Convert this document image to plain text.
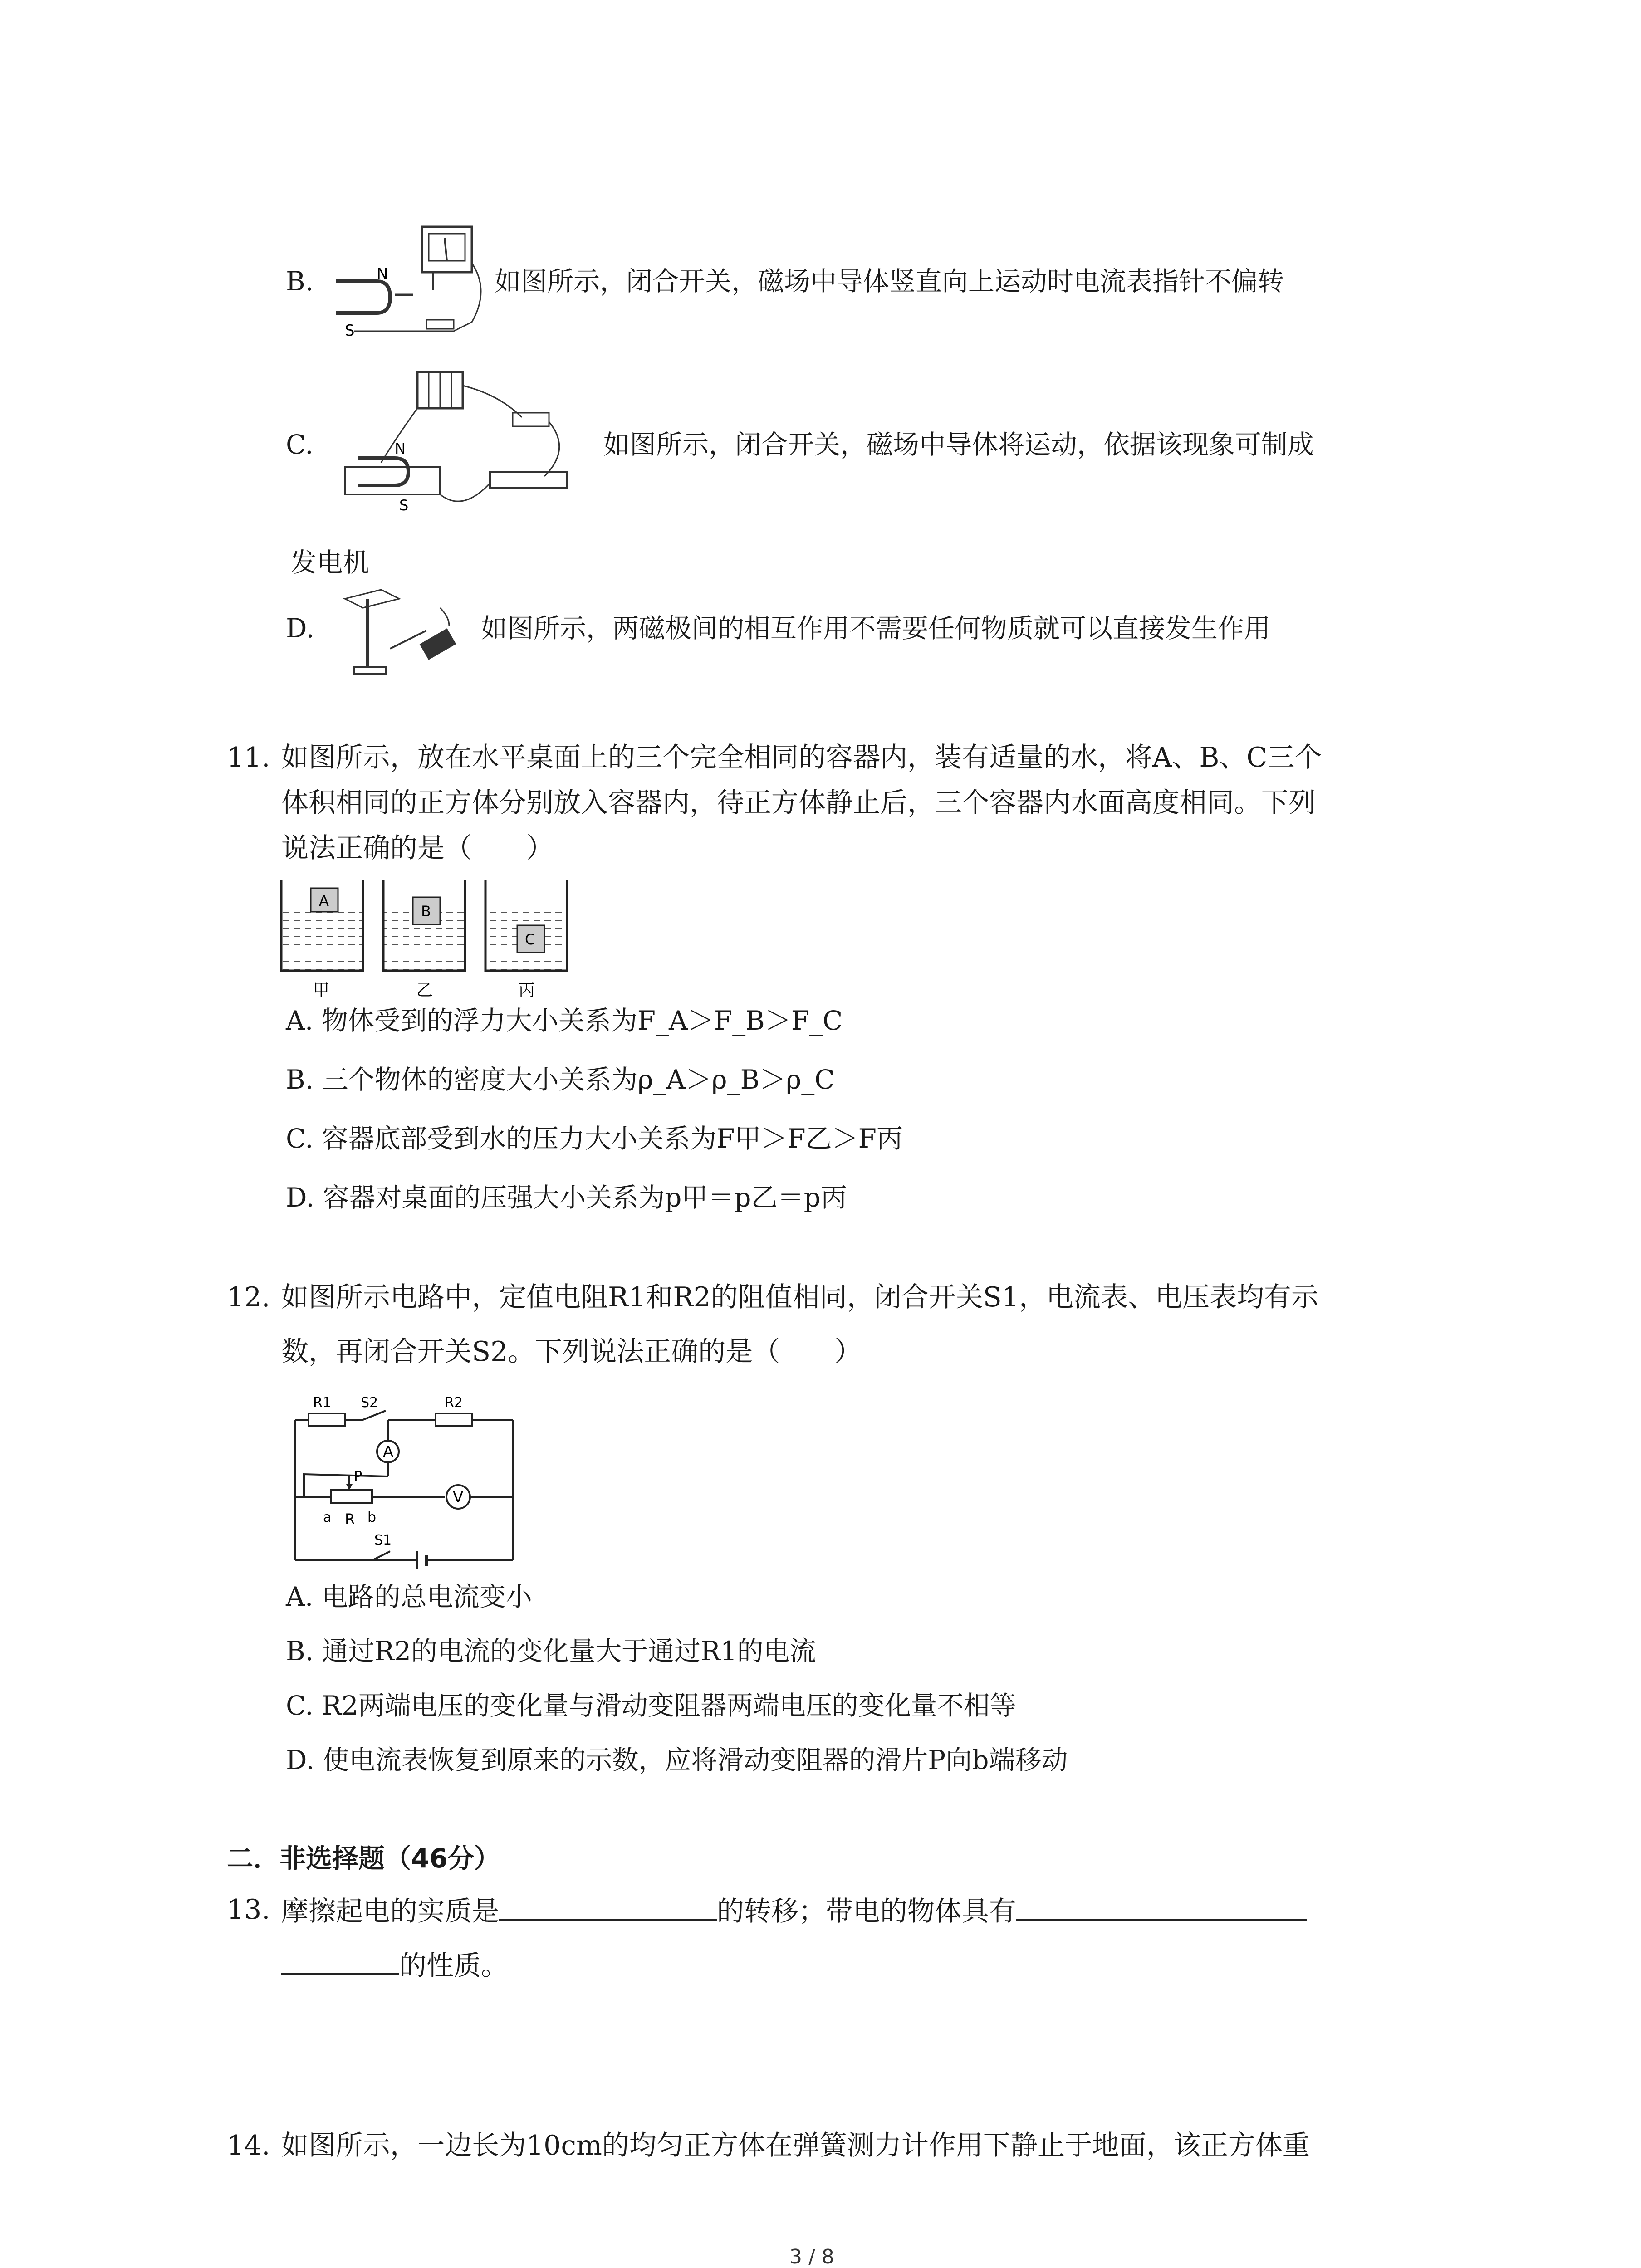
B.	N
S
如图所示，闭合开关，磁场中导体竖直向上运动时电流表指针不偏转
C.	N
S
如图所示，闭合开关，磁场中导体将运动，依据该现象可制成
发电机
D.	如图所示，两磁极间的相互作用不需要任何物质就可以直接发生作用
11. 如图所示，放在水平桌面上的三个完全相同的容器内，装有适量的水，将A、B、C三个
体积相同的正方体分别放入容器内，待正方体静止后，三个容器内水面高度相同。下列
说法正确的是（　　）
A
B
C
甲	乙	丙
A. 物体受到的浮力大小关系为F_A＞F_B＞F_C
B. 三个物体的密度大小关系为ρ_A＞ρ_B＞ρ_C
C. 容器底部受到水的压力大小关系为F甲＞F乙＞F丙
D. 容器对桌面的压强大小关系为p甲＝p乙＝p丙
12. 如图所示电路中，定值电阻R1和R2的阻值相同，闭合开关S1，电流表、电压表均有示
数，再闭合开关S2。下列说法正确的是（　　）
A
V
R1 S2	R2
P
a R b
S1
A. 电路的总电流变小
B. 通过R2的电流的变化量大于通过R1的电流
C. R2两端电压的变化量与滑动变阻器两端电压的变化量不相等
D. 使电流表恢复到原来的示数，应将滑动变阻器的滑片P向b端移动
二．非选择题（46分）
13. 摩擦起电的实质是	的转移；带电的物体具有
的性质。
14. 如图所示，一边长为10cm的均匀正方体在弹簧测力计作用下静止于地面，该正方体重
3 / 8
